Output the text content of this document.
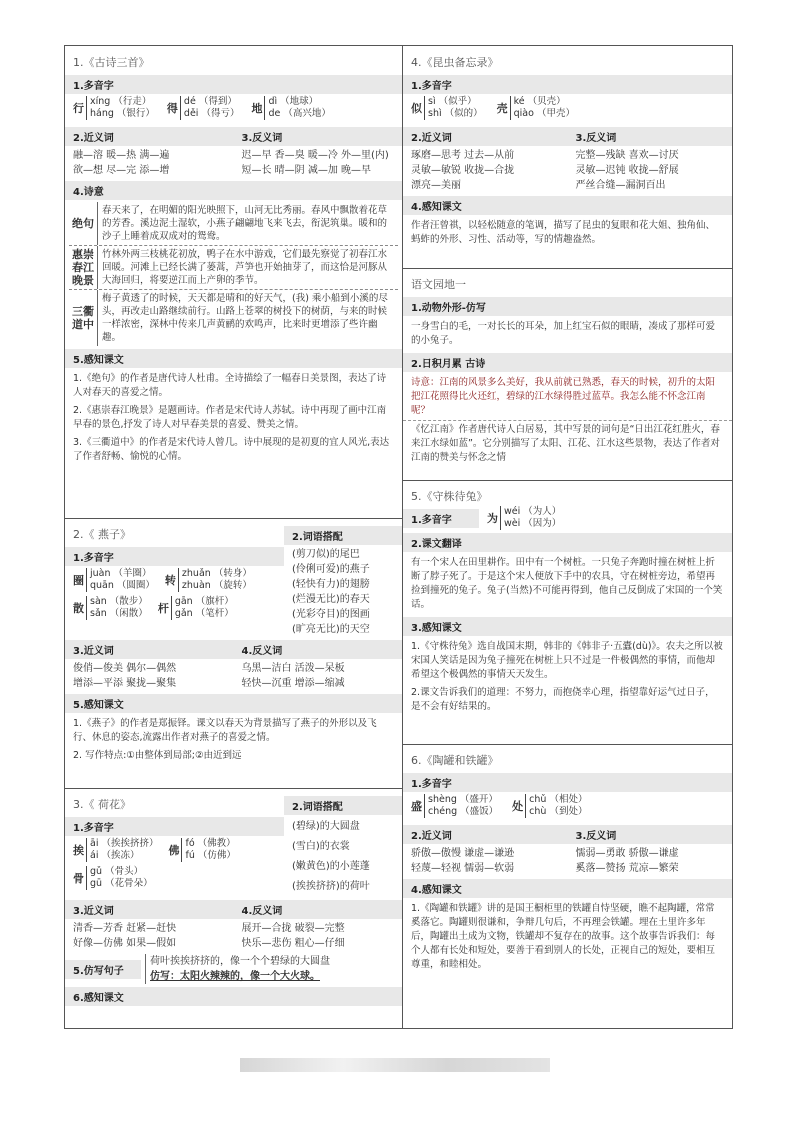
1.《古诗三首》
1.多音字
行 xíng （行走）
háng （银行） 得 dé （得到）
děi （得亏） 地 dì （地球）
de （高兴地）
2.近义词
融—溶 暖—热 满—遍
欲—想 尽—完 添—增
3.反义词
迟—早 香—臭 暖—冷 外—里(内)
短—长 晴—阴 减—加 晚—早
4.诗意
绝句
春天来了，在明媚的阳光映照下，山河无比秀丽。春风中飘散着花草的芳香。溪边泥土湿软，小燕子翩翩地飞来飞去，衔泥筑巢。暖和的沙子上睡着成双成对的鸳鸯。
惠崇春江晚景
竹林外两三枝桃花初放，鸭子在水中游戏，它们最先察觉了初春江水回暖。河滩上已经长满了蒌蒿，芦笋也开始抽芽了，而这恰是河豚从大海回归，将要逆江而上产卵的季节。
三衢道中
梅子黄透了的时候，天天都是晴和的好天气，(我) 乘小船到小溪的尽头，再改走山路继续前行。山路上苍翠的树投下的树荫，与来的时候一样浓密，深林中传来几声黄鹂的欢鸣声，比来时更增添了些许幽趣。
5.感知课文
1.《绝句》的作者是唐代诗人杜甫。全诗描绘了一幅春日美景图，表达了诗人对春天的喜爱之情。
2.《惠崇春江晚景》是题画诗。作者是宋代诗人苏轼。诗中再现了画中江南早春的景色,抒发了诗人对早春美景的喜爱、赞美之情。
3.《三衢道中》的作者是宋代诗人曾几。诗中展现的是初夏的宜人风光,表达了作者舒畅、愉悦的心情。
2.《 燕子》
1.多音字
圈 juàn （羊圈）
quān （圆圈） 转 zhuǎn （转身）
zhuàn （旋转）
散 sàn （散步）
sǎn （闲散） 杆 gān （旗杆）
gǎn （笔杆）
2.词语搭配
(剪刀似)的尾巴
(伶俐可爱)的燕子
(轻快有力)的翅膀
(烂漫无比)的春天
(光彩夺目)的图画
(旷亮无比)的天空
3.近义词
俊俏—俊美 偶尔—偶然
增添—平添 聚拢—聚集
4.反义词
乌黑—洁白 活泼—呆板
轻快—沉重 增添—缩减
5.感知课文
1.《燕子》的作者是郑振铎。课文以春天为背景描写了燕子的外形以及飞行、休息的姿态,流露出作者对燕子的喜爱之情。
2. 写作特点:①由整体到局部;②由近到远
3.《 荷花》
1.多音字
挨 āi （挨挨挤挤）
ái （挨冻）	佛 fó （佛教）
fú （仿佛）
骨 gǔ （骨头）
gū （花骨朵）
2.词语搭配
(碧绿)的大圆盘
(雪白)的衣裳
(嫩黄色)的小莲蓬
(挨挨挤挤)的荷叶
3.近义词
清香—芳香 赶紧—赶快
好像—仿佛 如果—假如
4.反义词
展开—合拢 破裂—完整
快乐—悲伤 粗心—仔细
5.仿写句子
荷叶挨挨挤挤的，像一个个碧绿的大圆盘
仿写：太阳火辣辣的，像一个大火球。
6.感知课文
4.《昆虫备忘录》
1.多音字
似 sì （似乎）
shì （似的） 壳 ké （贝壳）
qiào （甲壳）
2.近义词
琢磨—思考 过去—从前
灵敏—敏锐 收拢—合拢
漂亮—美丽
3.反义词
完整—残缺 喜欢—讨厌
灵敏—迟钝 收拢—舒展
严丝合缝—漏洞百出
4.感知课文
作者汪曾祺，以轻松随意的笔调，描写了昆虫的复眼和花大姐、独角仙、蚂蚱的外形、习性、活动等，写的情趣盎然。
语文园地一
1.动物外形-仿写
一身雪白的毛，一对长长的耳朵，加上红宝石似的眼睛，凑成了那样可爱的小兔子。
2.日积月累 古诗
诗意：江南的风景多么美好，我从前就已熟悉，春天的时候，初升的太阳把江花照得比火还红，碧绿的江水绿得胜过蓝草。我怎么能不怀念江南呢？
《忆江南》作者唐代诗人白居易，其中写景的词句是“日出江花红胜火，春来江水绿如蓝”。它分别描写了太阳、江花、江水这些景物，表达了作者对江南的赞美与怀念之情
5.《守株待兔》
1.多音字	为 wéi （为人）
wèi （因为）
2.课文翻译
有一个宋人在田里耕作。田中有一个树桩。一只兔子奔跑时撞在树桩上折断了脖子死了。于是这个宋人便放下手中的农具，守在树桩旁边，希望再捡到撞死的兔子。兔子(当然)不可能再得到，他自己反倒成了宋国的一个笑话。
3.感知课文
1.《守株待兔》选自战国末期，韩非的《韩非子·五蠹(dù)》。农夫之所以被宋国人笑话是因为兔子撞死在树桩上只不过是一件极偶然的事情，而他却希望这个极偶然的事情天天发生。
2.课文告诉我们的道理：不努力，而抱侥幸心理，指望靠好运气过日子，是不会有好结果的。
6.《陶罐和铁罐》
1.多音字
盛 shèng （盛开）
chéng （盛饭） 处 chǔ （相处）
chù （到处）
2.近义词
骄傲—傲慢 谦虚—谦逊
轻蔑—轻视 懦弱—软弱
3.反义词
懦弱—勇敢 骄傲—谦虚
奚落—赞扬 荒凉—繁荣
4.感知课文
1.《陶罐和铁罐》讲的是国王橱柜里的铁罐自恃坚硬，瞧不起陶罐，常常奚落它。陶罐则很谦和，争辩几句后，不再理会铁罐。埋在土里许多年后，陶罐出土成为文物，铁罐却不复存在的故事。这个故事告诉我们：每个人都有长处和短处，要善于看到别人的长处，正视自己的短处，要相互尊重，和睦相处。
